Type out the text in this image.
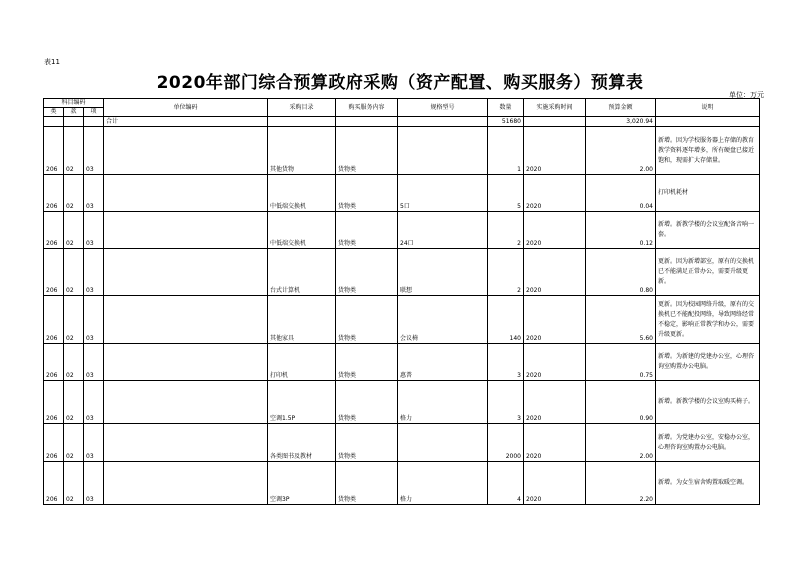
表11
2020年部门综合预算政府采购（资产配置、购买服务）预算表
单位：万元
科目编码			单位编码	采购目录	购买服务内容	规格型号	数量	实施采购时间	预算金额	说明
类	款	项								
			合计				51680		3,020.94	
206	02	03		其他货物	货物类		1	2020	2.00	新增。因为学校服务器上存储的教育教学资料逐年增多，所有硬盘已接近饱和，现需扩大存储量。
206	02	03		中低端交换机	货物类	5口	5	2020	0.04	打印机耗材
206	02	03		中低端交换机	货物类	24口	2	2020	0.12	新增。新教学楼的会议室配备音响一套。
206	02	03		台式计算机	货物类	联想	2	2020	0.80	更新。因为新增部室，原有的交换机已不能满足正常办公，需要升级更新。
206	02	03		其他家具	货物类	会议椅	140	2020	5.60	更新。因为校园网络升级，原有的交换机已不能配投网络，导致网络经常不稳定，影响正常教学和办公，需要升级更新。
206	02	03		打印机	货物类	惠普	3	2020	0.75	新增。为新建的党建办公室，心理咨询室购置办公电脑。
206	02	03		空调1.5P	货物类	格力	3	2020	0.90	新增。新教学楼的会议室购买椅子。
206	02	03		各类图书及教材	货物类		2000	2020	2.00	新增。为党建办公室，安稳办公室，心理咨询室购置办公电脑。
206	02	03		空调3P	货物类	格力	4	2020	2.20	新增。为女生宿舍购置取暖空调。
